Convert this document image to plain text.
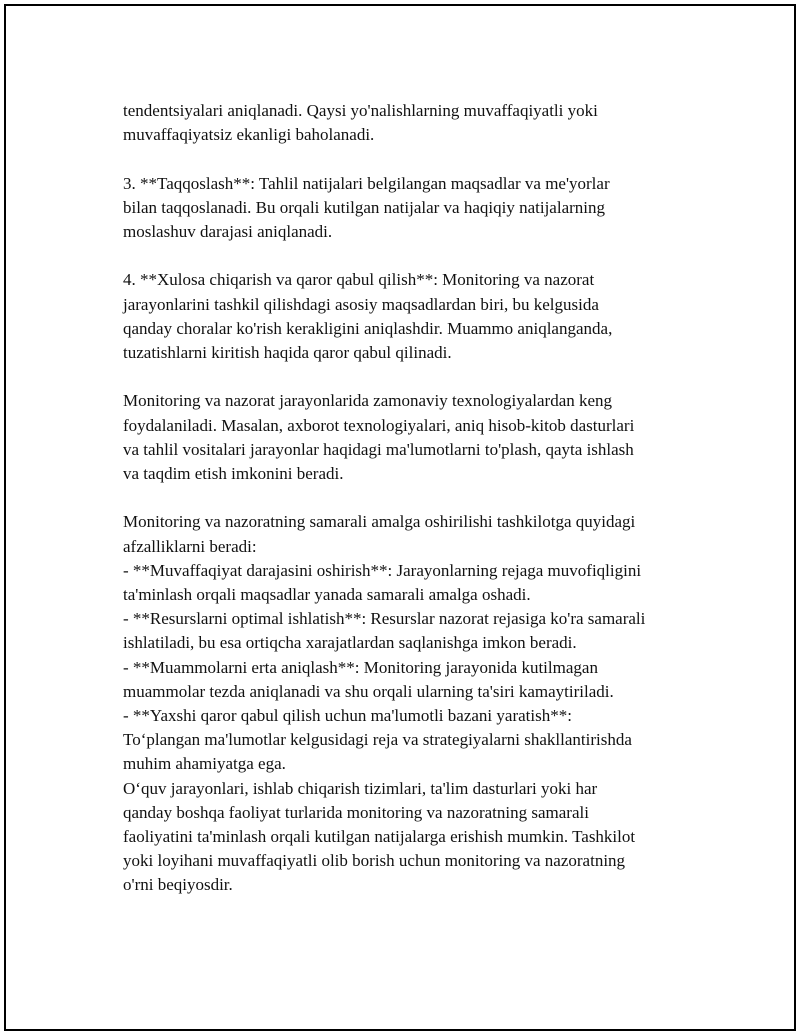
tendentsiyalari aniqlanadi. Qaysi yo'nalishlarning muvaffaqiyatli yoki
muvaffaqiyatsiz ekanligi baholanadi.

3. **Taqqoslash**: Tahlil natijalari belgilangan maqsadlar va me'yorlar
bilan taqqoslanadi. Bu orqali kutilgan natijalar va haqiqiy natijalarning
moslashuv darajasi aniqlanadi.

4. **Xulosa chiqarish va qaror qabul qilish**: Monitoring va nazorat
jarayonlarini tashkil qilishdagi asosiy maqsadlardan biri, bu kelgusida
qanday choralar ko'rish kerakligini aniqlashdir. Muammo aniqlanganda,
tuzatishlarni kiritish haqida qaror qabul qilinadi.

Monitoring va nazorat jarayonlarida zamonaviy texnologiyalardan keng
foydalaniladi. Masalan, axborot texnologiyalari, aniq hisob-kitob dasturlari
va tahlil vositalari jarayonlar haqidagi ma'lumotlarni to'plash, qayta ishlash
va taqdim etish imkonini beradi.

Monitoring va nazoratning samarali amalga oshirilishi tashkilotga quyidagi
afzalliklarni beradi:

- **Muvaffaqiyat darajasini oshirish**: Jarayonlarning rejaga muvofiqligini
ta'minlash orqali maqsadlar yanada samarali amalga oshadi.

- **Resurslarni optimal ishlatish**: Resurslar nazorat rejasiga ko'ra samarali
ishlatiladi, bu esa ortiqcha xarajatlardan saqlanishga imkon beradi.

- **Muammolarni erta aniqlash**: Monitoring jarayonida kutilmagan
muammolar tezda aniqlanadi va shu orqali ularning ta'siri kamaytiriladi.

- **Yaxshi qaror qabul qilish uchun ma'lumotli bazani yaratish**:
To‘plangan ma'lumotlar kelgusidagi reja va strategiyalarni shakllantirishda
muhim ahamiyatga ega.

O‘quv jarayonlari, ishlab chiqarish tizimlari, ta'lim dasturlari yoki har
qanday boshqa faoliyat turlarida monitoring va nazoratning samarali
faoliyatini ta'minlash orqali kutilgan natijalarga erishish mumkin. Tashkilot
yoki loyihani muvaffaqiyatli olib borish uchun monitoring va nazoratning
o'rni beqiyosdir.
